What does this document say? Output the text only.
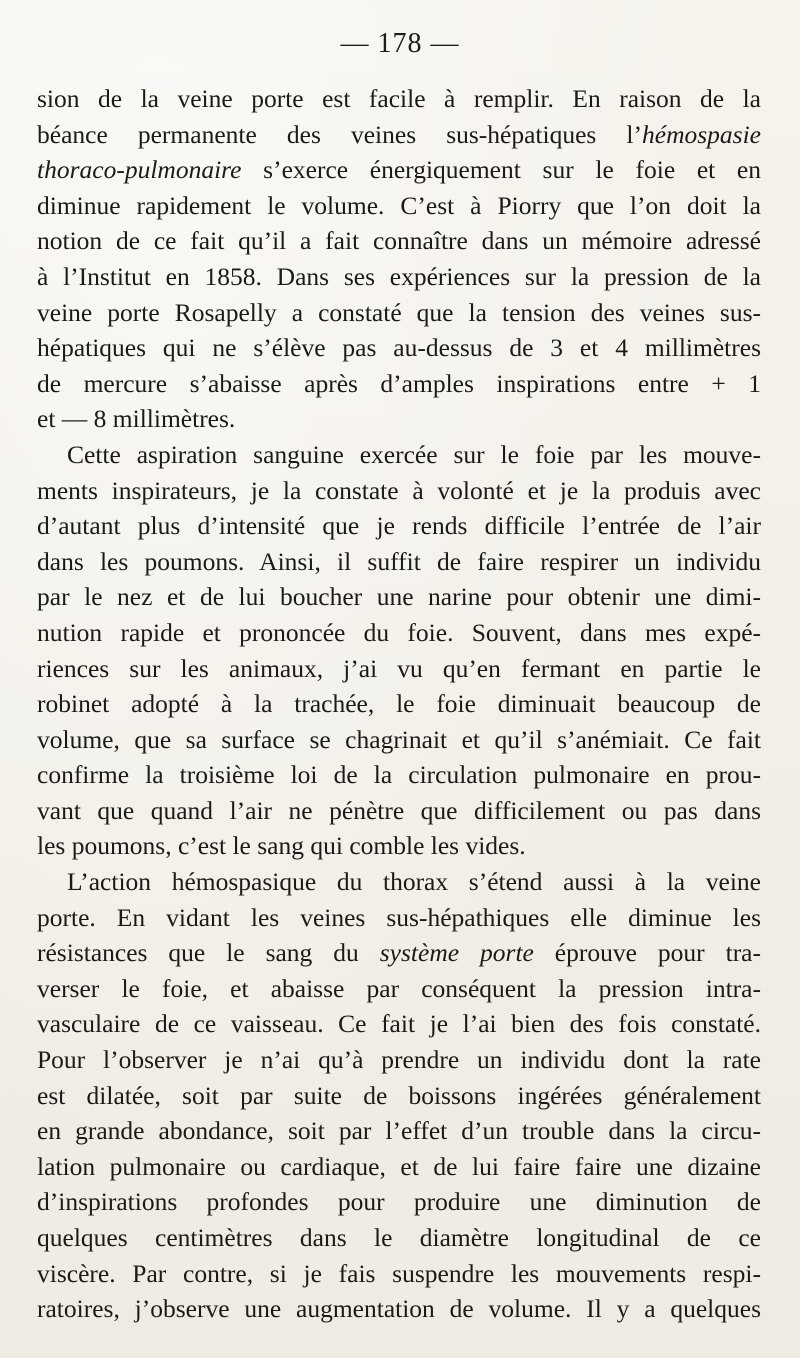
— 178 —
sion de la veine porte est facile à remplir. En raison de la
béance permanente des veines sus-hépatiques l’hémospasie
thoraco-pulmonaire s’exerce énergiquement sur le foie et en
diminue rapidement le volume. C’est à Piorry que l’on doit la
notion de ce fait qu’il a fait connaître dans un mémoire adressé
à l’Institut en 1858. Dans ses expériences sur la pression de la
veine porte Rosapelly a constaté que la tension des veines sus-
hépatiques qui ne s’élève pas au-dessus de 3 et 4 millimètres
de mercure s’abaisse après d’amples inspirations entre + 1
et — 8 millimètres.
Cette aspiration sanguine exercée sur le foie par les mouve-
ments inspirateurs, je la constate à volonté et je la produis avec
d’autant plus d’intensité que je rends difficile l’entrée de l’air
dans les poumons. Ainsi, il suffit de faire respirer un individu
par le nez et de lui boucher une narine pour obtenir une dimi-
nution rapide et prononcée du foie. Souvent, dans mes expé-
riences sur les animaux, j’ai vu qu’en fermant en partie le
robinet adopté à la trachée, le foie diminuait beaucoup de
volume, que sa surface se chagrinait et qu’il s’anémiait. Ce fait
confirme la troisième loi de la circulation pulmonaire en prou-
vant que quand l’air ne pénètre que difficilement ou pas dans
les poumons, c’est le sang qui comble les vides.
L’action hémospasique du thorax s’étend aussi à la veine
porte. En vidant les veines sus-hépathiques elle diminue les
résistances que le sang du système porte éprouve pour tra-
verser le foie, et abaisse par conséquent la pression intra-
vasculaire de ce vaisseau. Ce fait je l’ai bien des fois constaté.
Pour l’observer je n’ai qu’à prendre un individu dont la rate
est dilatée, soit par suite de boissons ingérées généralement
en grande abondance, soit par l’effet d’un trouble dans la circu-
lation pulmonaire ou cardiaque, et de lui faire faire une dizaine
d’inspirations profondes pour produire une diminution de
quelques centimètres dans le diamètre longitudinal de ce
viscère. Par contre, si je fais suspendre les mouvements respi-
ratoires, j’observe une augmentation de volume. Il y a quelques
